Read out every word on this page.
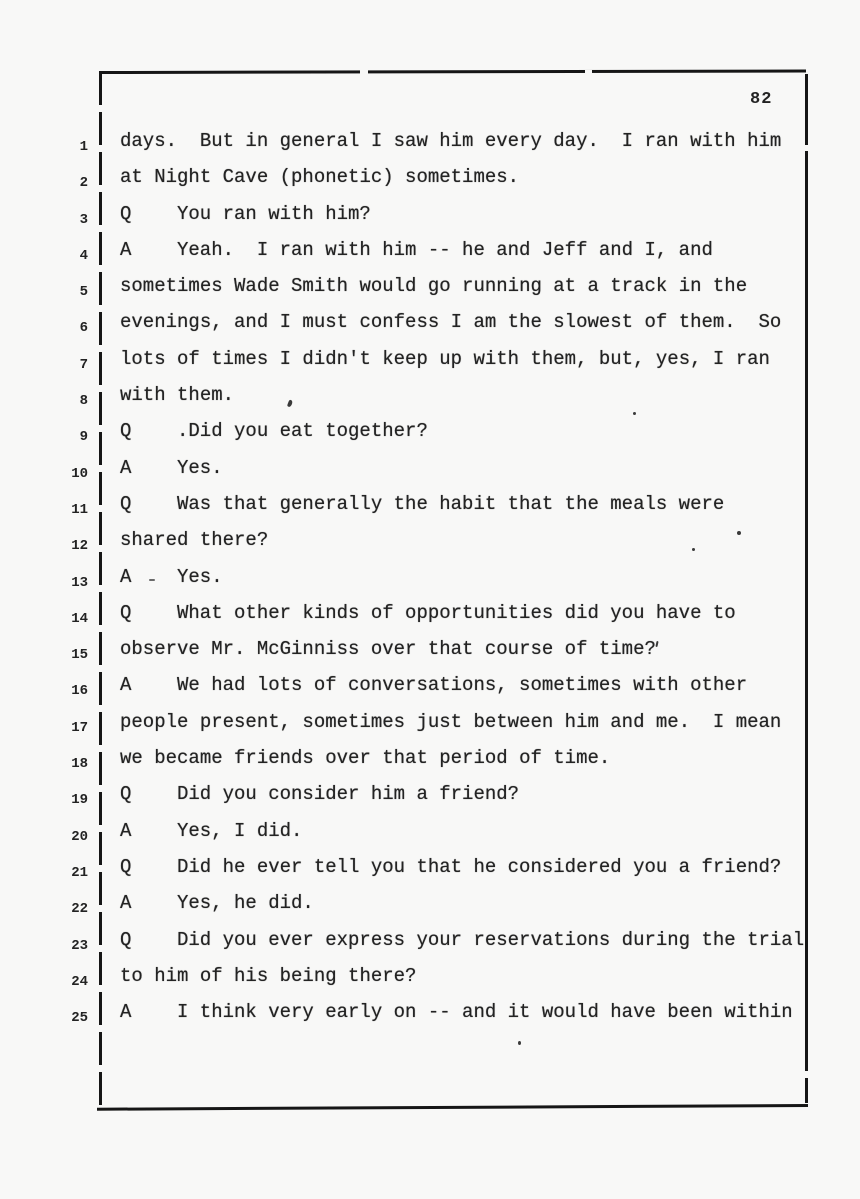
82
1 days.  But in general I saw him every day.  I ran with him
2 at Night Cave (phonetic) sometimes.
3 Q You ran with him?
4 A Yeah.  I ran with him -- he and Jeff and I, and
5 sometimes Wade Smith would go running at a track in the
6 evenings, and I must confess I am the slowest of them.  So
7 lots of times I didn't keep up with them, but, yes, I ran
8 with them.
9 Q .Did you eat together?
10 A Yes.
11 Q Was that generally the habit that the meals were
12 shared there?
13 A Yes.
14 Q What other kinds of opportunities did you have to
15 observe Mr. McGinniss over that course of time?
16 A We had lots of conversations, sometimes with other
17 people present, sometimes just between him and me.  I mean
18 we became friends over that period of time.
19 Q Did you consider him a friend?
20 A Yes, I did.
21 Q Did he ever tell you that he considered you a friend?
22 A Yes, he did.
23 Q Did you ever express your reservations during the trial
24 to him of his being there?
25 A I think very early on -- and it would have been within
